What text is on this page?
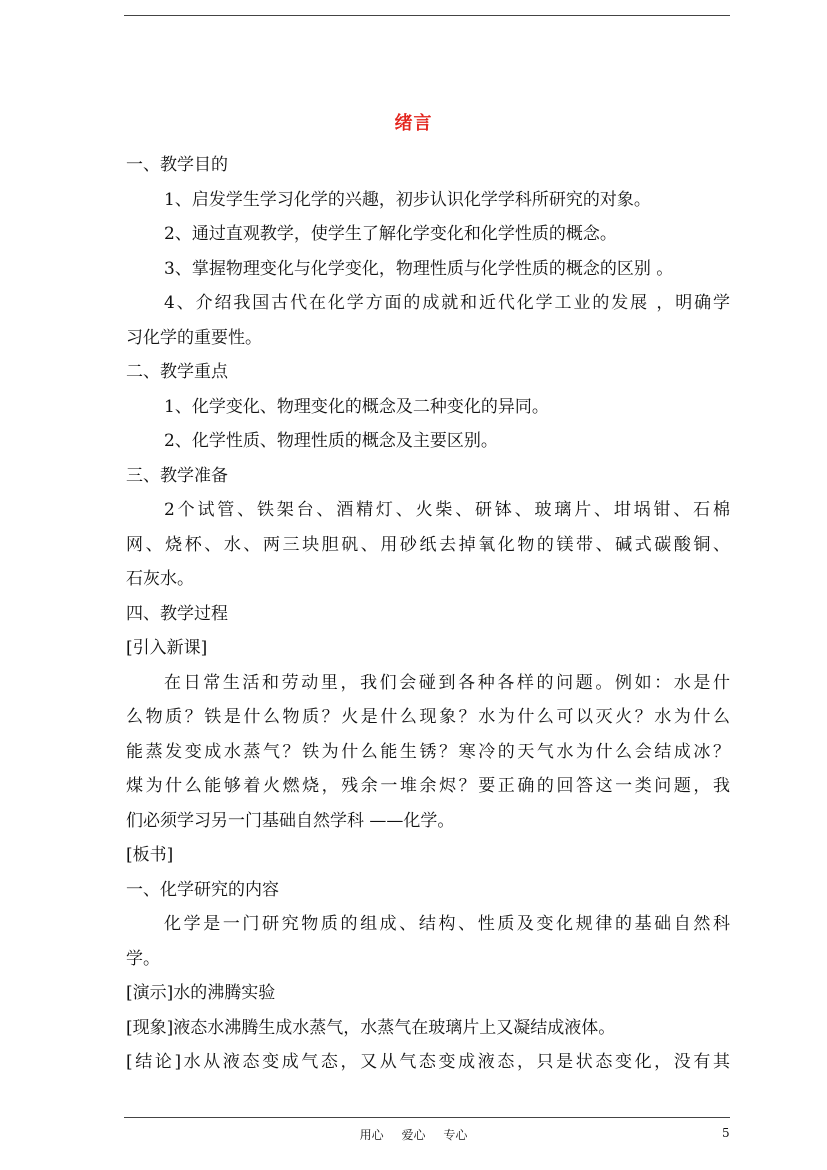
绪言
一、教学目的
1、启发学生学习化学的兴趣，初步认识化学学科所研究的对象。
2、通过直观教学，使学生了解化学变化和化学性质的概念。
3、掌握物理变化与化学变化，物理性质与化学性质的概念的区别 。
4、介绍我国古代在化学方面的成就和近代化学工业的发展 ，明确学
习化学的重要性。
二、教学重点
1、化学变化、物理变化的概念及二种变化的异同。
2、化学性质、物理性质的概念及主要区别。
三、教学准备
2个试管、铁架台、酒精灯、火柴、研钵、玻璃片、坩埚钳、石棉
网、烧杯、水、两三块胆矾、用砂纸去掉氧化物的镁带、碱式碳酸铜、
石灰水。
四、教学过程
[引入新课]
在日常生活和劳动里，我们会碰到各种各样的问题。例如：水是什
么物质？铁是什么物质？火是什么现象？水为什么可以灭火？水为什么
能蒸发变成水蒸气？铁为什么能生锈？寒冷的天气水为什么会结成冰？
煤为什么能够着火燃烧，残余一堆余烬？要正确的回答这一类问题，我
们必须学习另一门基础自然学科 ——化学。
[板书]
一、化学研究的内容
化学是一门研究物质的组成、结构、性质及变化规律的基础自然科
学。
[演示]水的沸腾实验
[现象]液态水沸腾生成水蒸气，水蒸气在玻璃片上又凝结成液体。
[结论]水从液态变成气态，又从气态变成液态，只是状态变化，没有其
用心 爱心 专心	5
